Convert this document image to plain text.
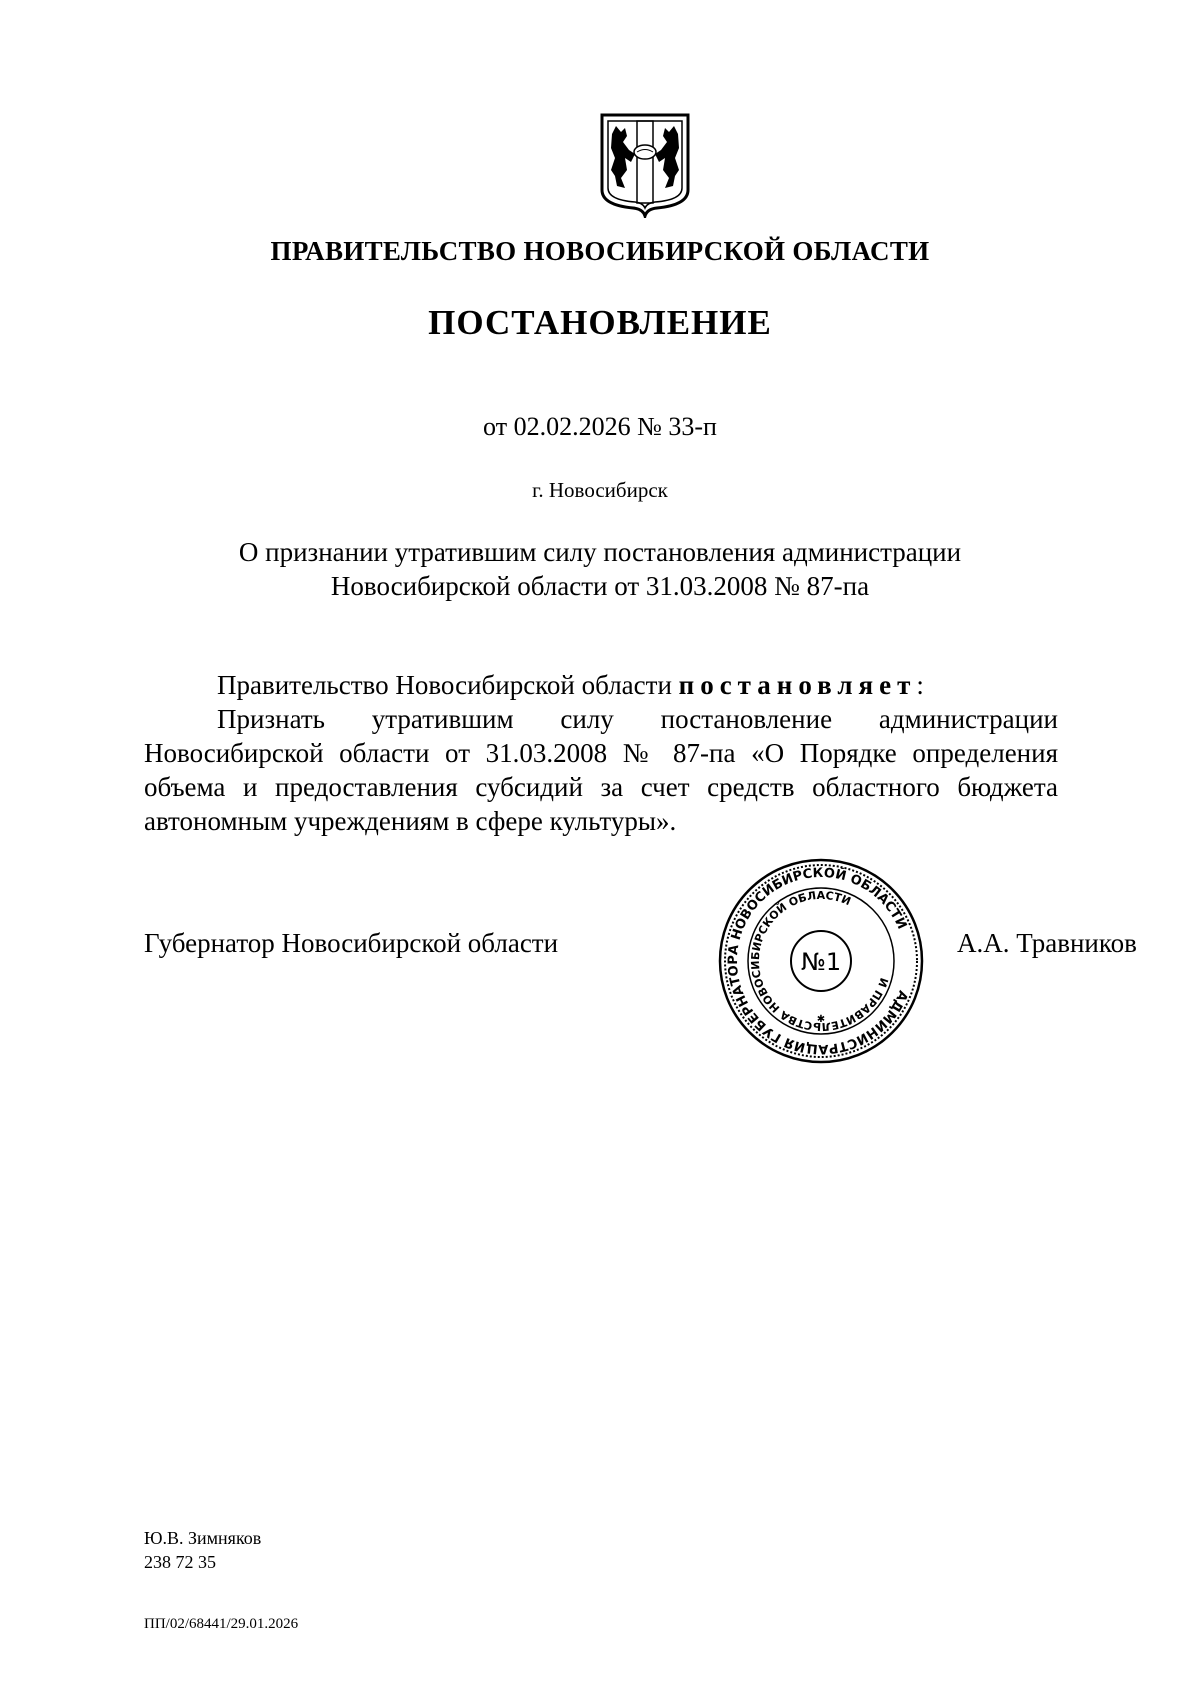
ПРАВИТЕЛЬСТВО НОВОСИБИРСКОЙ ОБЛАСТИ
ПОСТАНОВЛЕНИЕ
от 02.02.2026 № 33-п
г. Новосибирск
О признании утратившим силу постановления администрации
Новосибирской области от 31.03.2008 № 87-па

Правительство Новосибирской области постановляет:

Признать утратившим силу постановление администрации Новосибирской области от 31.03.2008 № 87-па «О Порядке определения объема и предоставления субсидий за счет средств областного бюджета автономным учреждениям в сфере культуры».

Губернатор Новосибирской области	А.А. Травников
АДМИНИСТРАЦИЯ ГУБЕРНАТОРА НОВОСИБИРСКОЙ ОБЛАСТИ
И ПРАВИТЕЛЬСТВА НОВОСИБИРСКОЙ ОБЛАСТИ
№1
✱
Ю.В. Зимняков
238 72 35
ПП/02/68441/29.01.2026
